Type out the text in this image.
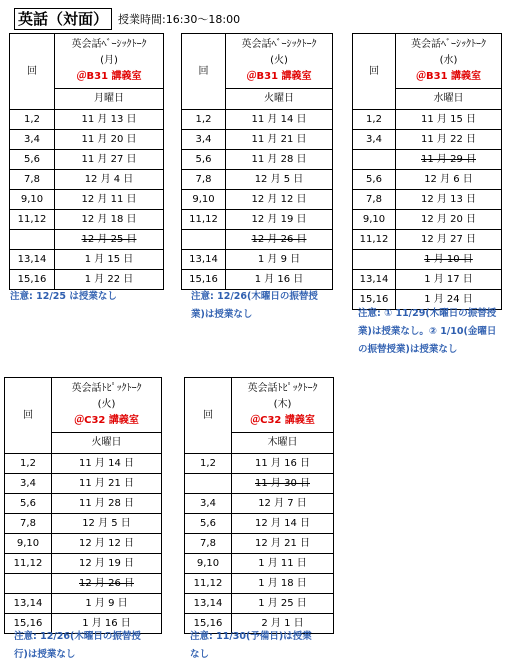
英話（対面） 授業時間:16:30〜18:00
回	英会話ﾍﾞｰｼｯｸﾄｰｸ
(月)
＠B31 講義室

	月曜日
1,2	11 月 13 日
3,4	11 月 20 日
5,6	11 月 27 日
7,8	12 月 4 日
9,10	12 月 11 日
11,12	12 月 18 日
	12 月 25 日
13,14	1 月 15 日
15,16	1 月 22 日
回	英会話ﾍﾞｰｼｯｸﾄｰｸ
(火)
＠B31 講義室

	火曜日
1,2	11 月 14 日
3,4	11 月 21 日
5,6	11 月 28 日
7,8	12 月 5 日
9,10	12 月 12 日
11,12	12 月 19 日
	12 月 26 日
13,14	1 月 9 日
15,16	1 月 16 日
回	英会話ﾍﾞｰｼｯｸﾄｰｸ
(水)
＠B31 講義室

	水曜日
1,2	11 月 15 日
3,4	11 月 22 日
	11 月 29 日
5,6	12 月 6 日
7,8	12 月 13 日
9,10	12 月 20 日
11,12	12 月 27 日
	1 月 10 日
13,14	1 月 17 日
15,16	1 月 24 日
回	英会話ﾄﾋﾟｯｸﾄｰｸ
(火)
＠C32 講義室

	火曜日
1,2	11 月 14 日
3,4	11 月 21 日
5,6	11 月 28 日
7,8	12 月 5 日
9,10	12 月 12 日
11,12	12 月 19 日
	12 月 26 日
13,14	1 月 9 日
15,16	1 月 16 日
回	英会話ﾄﾋﾟｯｸﾄｰｸ
(木)
＠C32 講義室

	木曜日
1,2	11 月 16 日
	11 月 30 日
3,4	12 月 7 日
5,6	12 月 14 日
7,8	12 月 21 日
9,10	1 月 11 日
11,12	1 月 18 日
13,14	1 月 25 日
15,16	2 月 1 日
注意: 12/25 は授業なし	注意: 12/26(木曜日の振替授
業)は授業なし	注意: ① 11/29(木曜日の振替授
業)は授業なし。② 1/10(金曜日
の振替授業)は授業なし
注意: 12/26(木曜日の振替授
行)は授業なし
注意: 11/30(予備日)は授業
なし
